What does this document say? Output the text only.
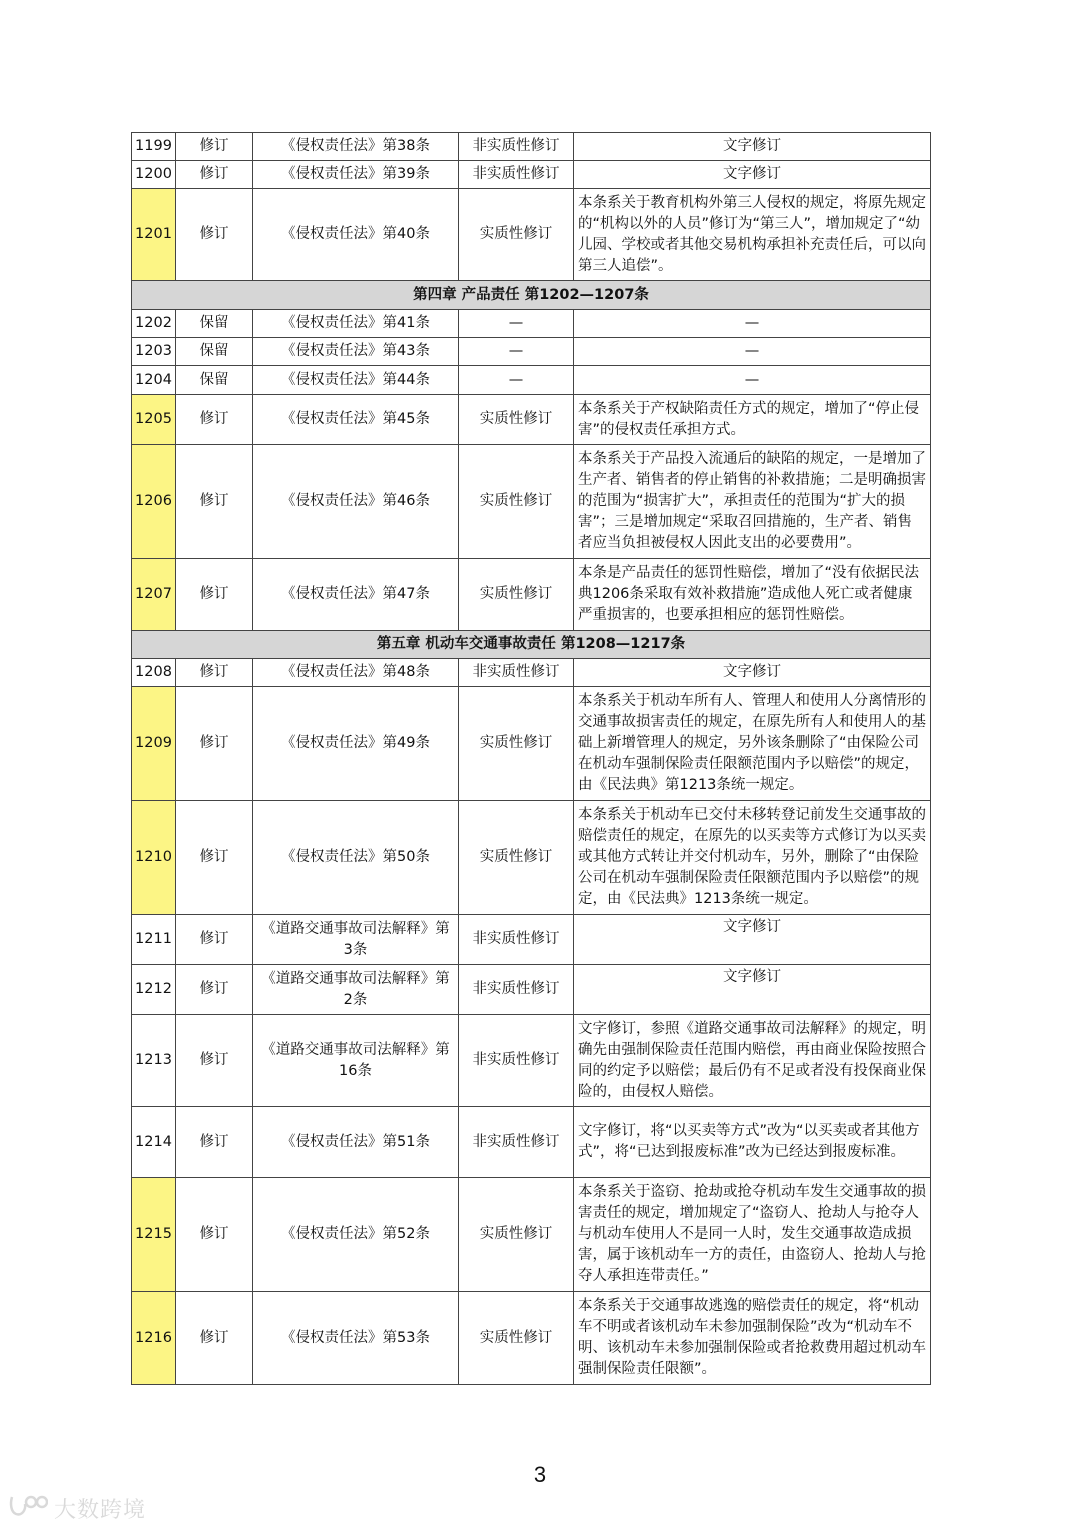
1199	修订	《侵权责任法》第38条	非实质性修订	文字修订
1200	修订	《侵权责任法》第39条	非实质性修订	文字修订
1201	修订	《侵权责任法》第40条	实质性修订	本条系关于教育机构外第三人侵权的规定，将原先规定的“机构以外的人员”修订为“第三人”，增加规定了“幼儿园、学校或者其他交易机构承担补充责任后，可以向第三人追偿”。
第四章 产品责任 第1202—1207条				
1202	保留	《侵权责任法》第41条	—	—
1203	保留	《侵权责任法》第43条	—	—
1204	保留	《侵权责任法》第44条	—	—
1205	修订	《侵权责任法》第45条	实质性修订	本条系关于产权缺陷责任方式的规定，增加了“停止侵害”的侵权责任承担方式。
1206	修订	《侵权责任法》第46条	实质性修订	本条系关于产品投入流通后的缺陷的规定，一是增加了生产者、销售者的停止销售的补救措施；二是明确损害的范围为“损害扩大”，承担责任的范围为“扩大的损害”；三是增加规定“采取召回措施的，生产者、销售者应当负担被侵权人因此支出的必要费用”。
1207	修订	《侵权责任法》第47条	实质性修订	本条是产品责任的惩罚性赔偿，增加了“没有依据民法典1206条采取有效补救措施”造成他人死亡或者健康严重损害的，也要承担相应的惩罚性赔偿。
第五章 机动车交通事故责任 第1208—1217条				
1208	修订	《侵权责任法》第48条	非实质性修订	文字修订
1209	修订	《侵权责任法》第49条	实质性修订	本条系关于机动车所有人、管理人和使用人分离情形的交通事故损害责任的规定，在原先所有人和使用人的基础上新增管理人的规定，另外该条删除了“由保险公司在机动车强制保险责任限额范围内予以赔偿”的规定，由《民法典》第1213条统一规定。
1210	修订	《侵权责任法》第50条	实质性修订	本条系关于机动车已交付未移转登记前发生交通事故的赔偿责任的规定，在原先的以买卖等方式修订为以买卖或其他方式转让并交付机动车，另外，删除了“由保险公司在机动车强制保险责任限额范围内予以赔偿”的规定，由《民法典》1213条统一规定。
1211	修订	《道路交通事故司法解释》第3条	非实质性修订	文字修订
1212	修订	《道路交通事故司法解释》第2条	非实质性修订	文字修订
1213	修订	《道路交通事故司法解释》第16条	非实质性修订	文字修订，参照《道路交通事故司法解释》的规定，明确先由强制保险责任范围内赔偿，再由商业保险按照合同的约定予以赔偿；最后仍有不足或者没有投保商业保险的，由侵权人赔偿。
1214	修订	《侵权责任法》第51条	非实质性修订	文字修订，将“以买卖等方式”改为“以买卖或者其他方式”，将“已达到报废标准”改为已经达到报废标准。
1215	修订	《侵权责任法》第52条	实质性修订	本条系关于盗窃、抢劫或抢夺机动车发生交通事故的损害责任的规定，增加规定了“盗窃人、抢劫人与抢夺人与机动车使用人不是同一人时，发生交通事故造成损害，属于该机动车一方的责任，由盗窃人、抢劫人与抢夺人承担连带责任。”
1216	修订	《侵权责任法》第53条	实质性修订	本条系关于交通事故逃逸的赔偿责任的规定，将“机动车不明或者该机动车未参加强制保险”改为“机动车不明、该机动车未参加强制保险或者抢救费用超过机动车强制保险责任限额”。
3
大数跨境
